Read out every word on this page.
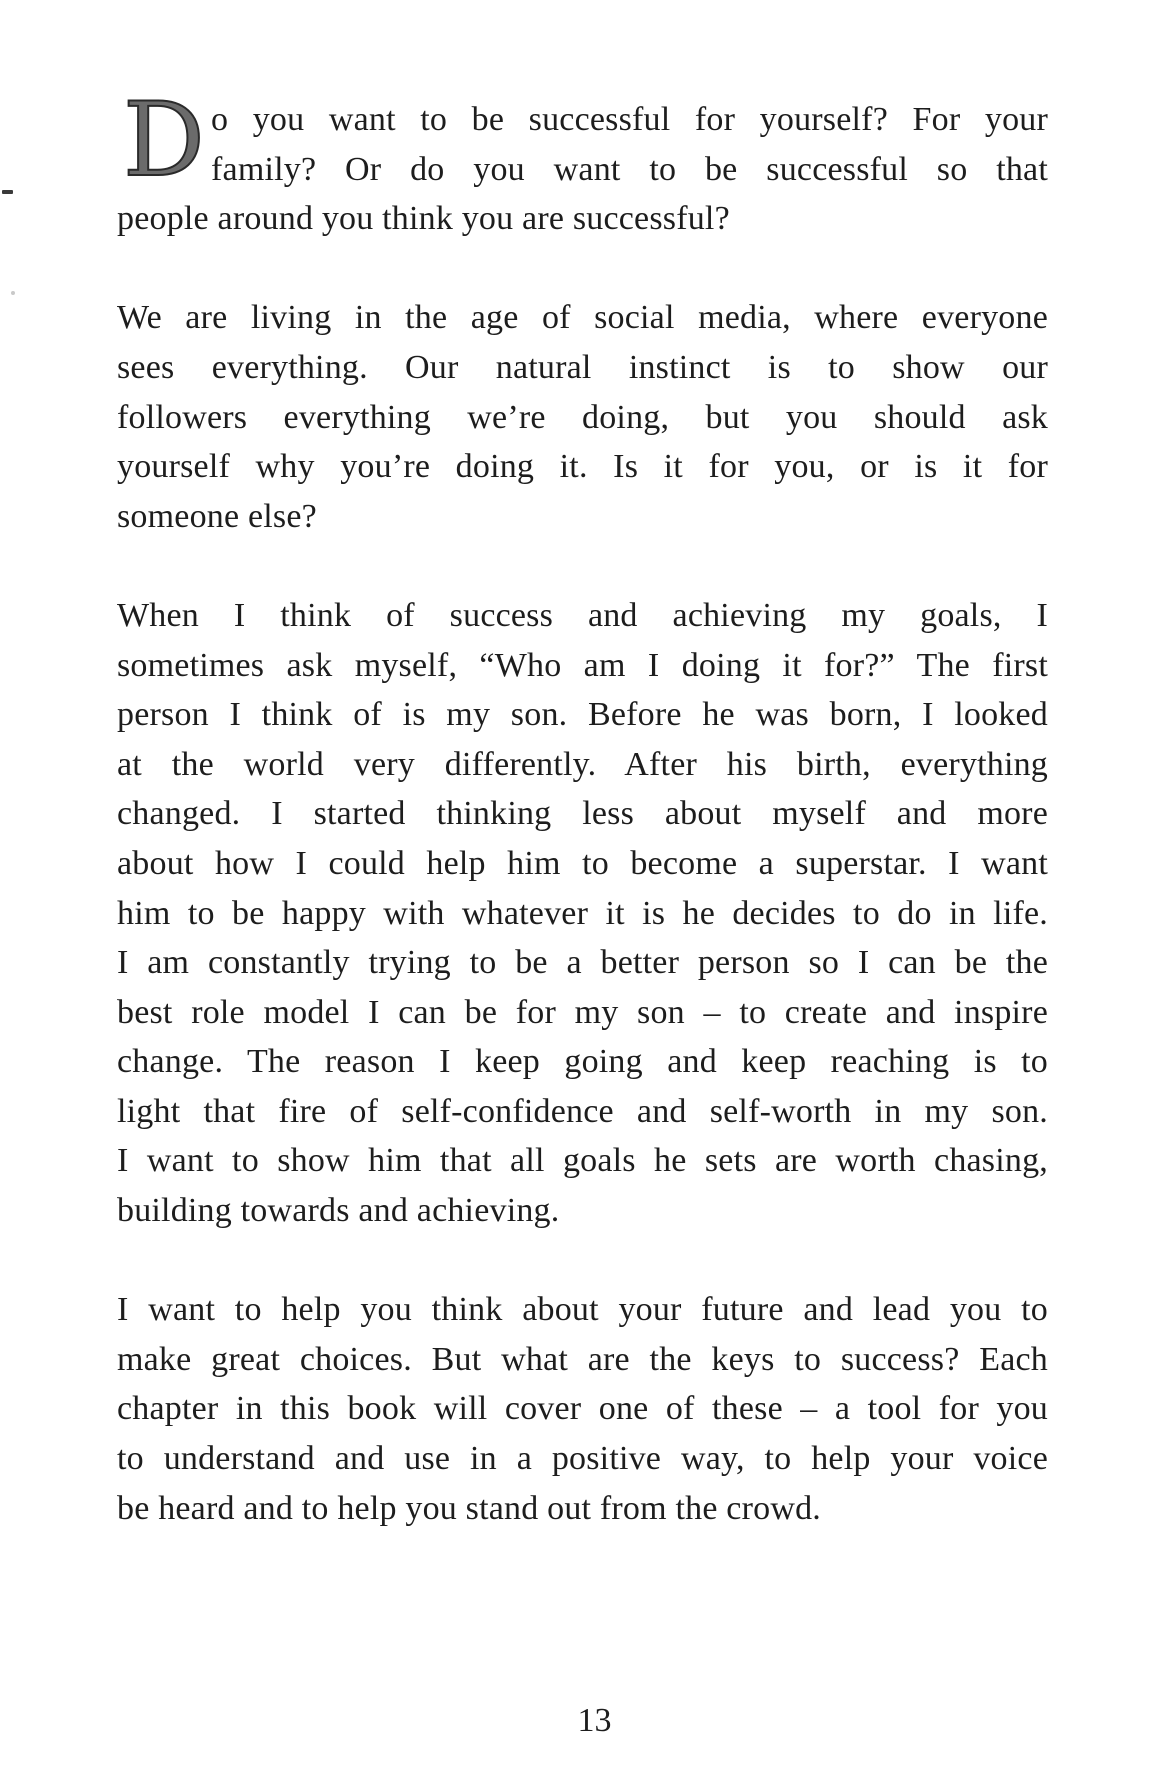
D o you want to be successful for yourself? For your
family? Or do you want to be successful so that
people around you think you are successful?
We are living in the age of social media, where everyone
sees everything. Our natural instinct is to show our
followers everything we’re doing, but you should ask
yourself why you’re doing it. Is it for you, or is it for
someone else?
When I think of success and achieving my goals, I
sometimes ask myself, “Who am I doing it for?” The first
person I think of is my son. Before he was born, I looked
at the world very differently. After his birth, everything
changed. I started thinking less about myself and more
about how I could help him to become a superstar. I want
him to be happy with whatever it is he decides to do in life.
I am constantly trying to be a better person so I can be the
best role model I can be for my son – to create and inspire
change. The reason I keep going and keep reaching is to
light that fire of self-confidence and self-worth in my son.
I want to show him that all goals he sets are worth chasing,
building towards and achieving.
I want to help you think about your future and lead you to
make great choices. But what are the keys to success? Each
chapter in this book will cover one of these – a tool for you
to understand and use in a positive way, to help your voice
be heard and to help you stand out from the crowd.
13
